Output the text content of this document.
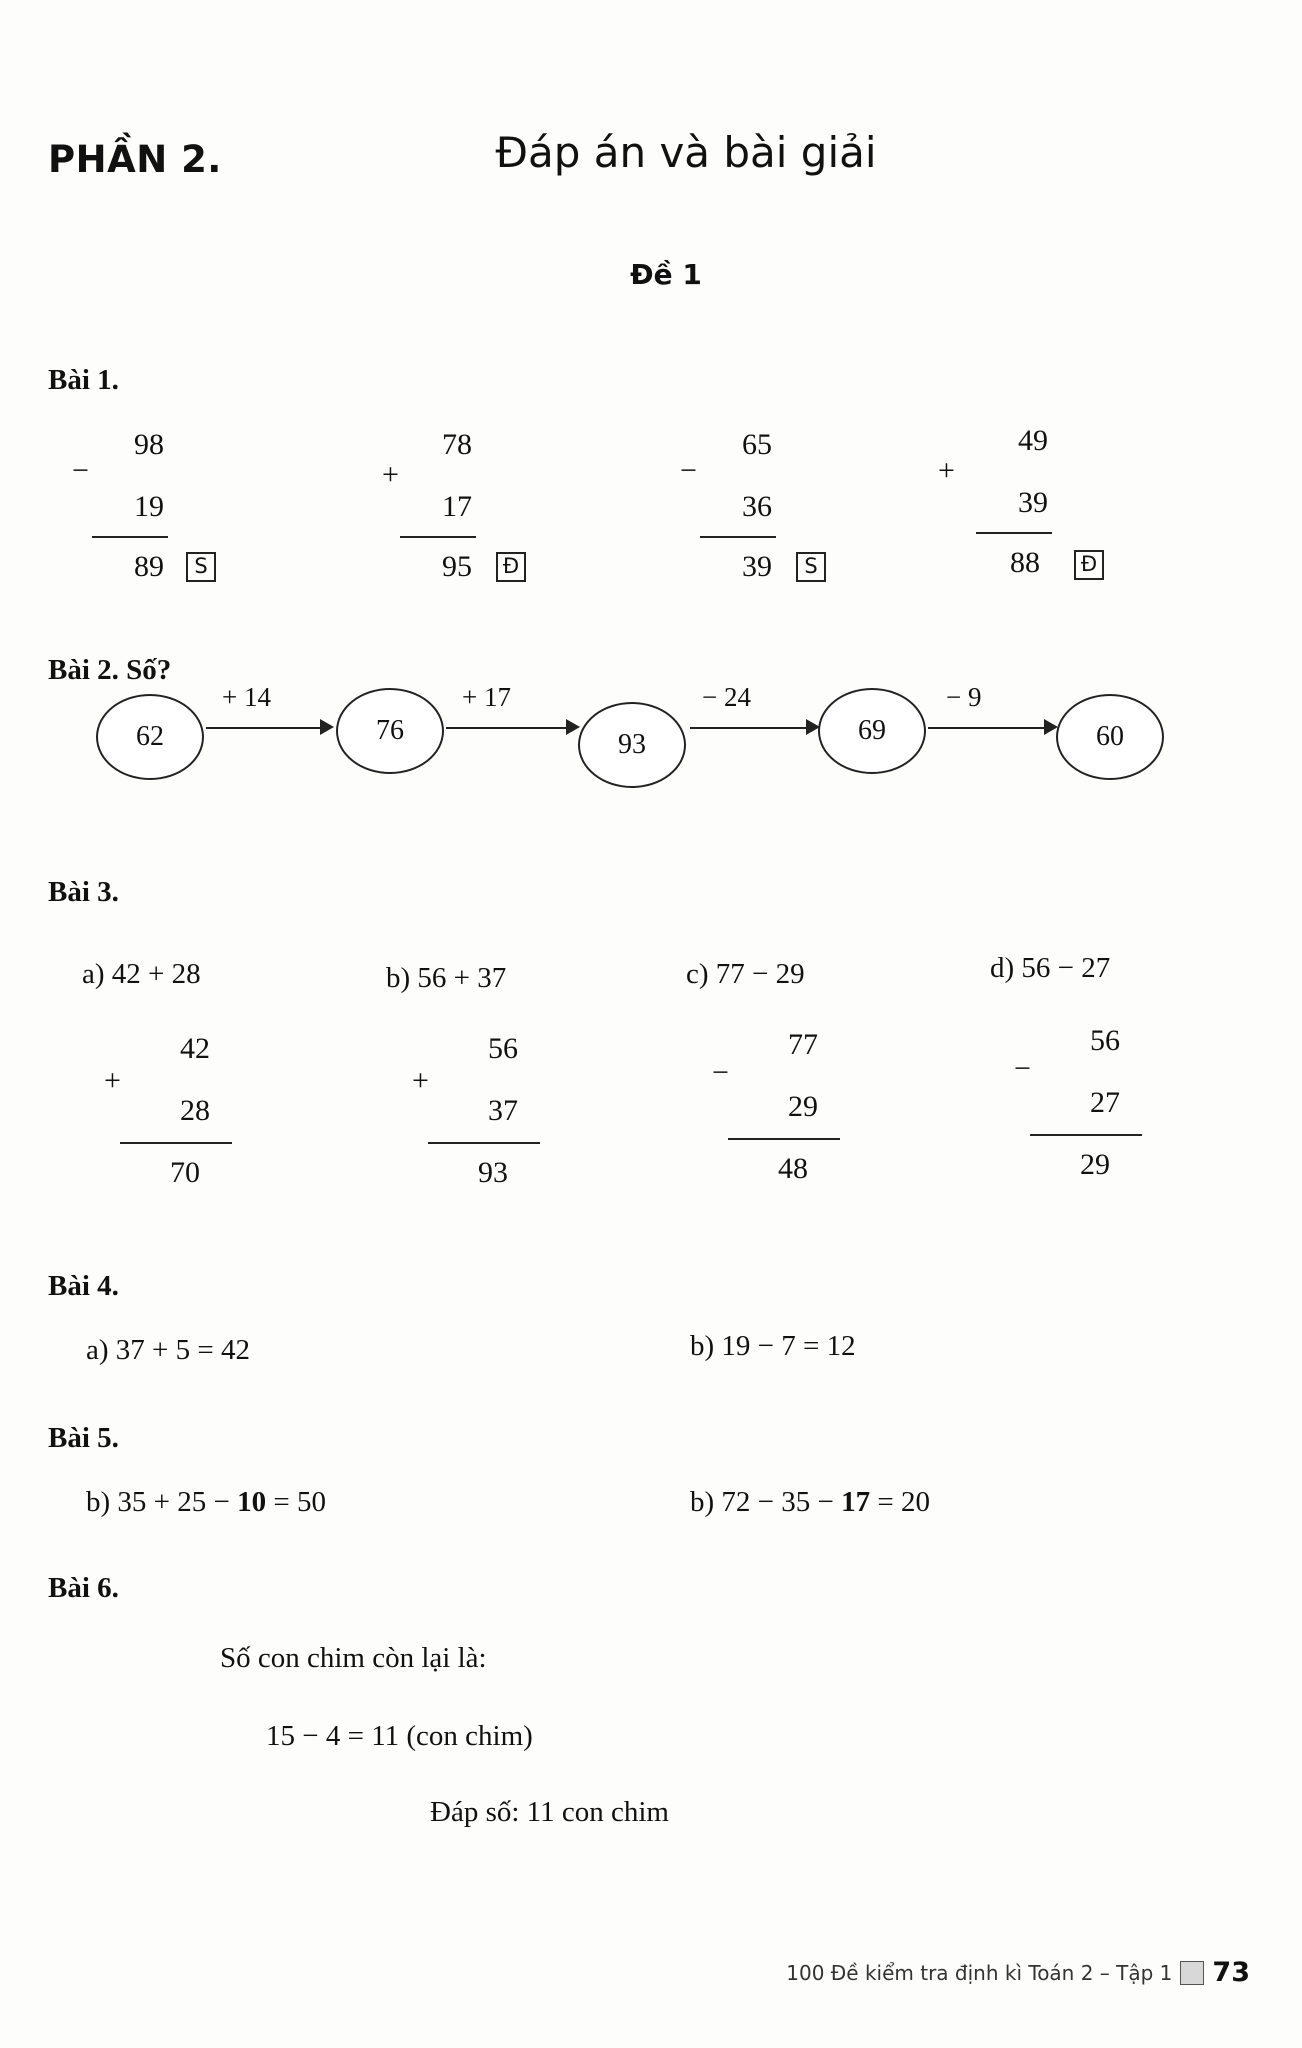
PHẦN 2.	Đáp án và bài giải
Đề 1
Bài 1.
−
98
19
89	S
+
78
17
95	Đ
−
65
36
39	S
+
49
39
88	Đ
Bài 2. Số?
62	76	93	69	60
+ 14	+ 17	− 24	− 9
Bài 3.
a) 42 + 28	b) 56 + 37	c) 77 − 29	d) 56 − 27
+
42
28
70
+
56
37
93
−
77
29
48
−
56
27
29
Bài 4.
a) 37 + 5 = 42	b) 19 − 7 = 12
Bài 5.
b) 35 + 25 − 10 = 50	b) 72 − 35 − 17 = 20
Bài 6.
Số con chim còn lại là:
15 − 4 = 11 (con chim)
Đáp số: 11 con chim
100 Đề kiểm tra định kì Toán 2 – Tập 1 73
